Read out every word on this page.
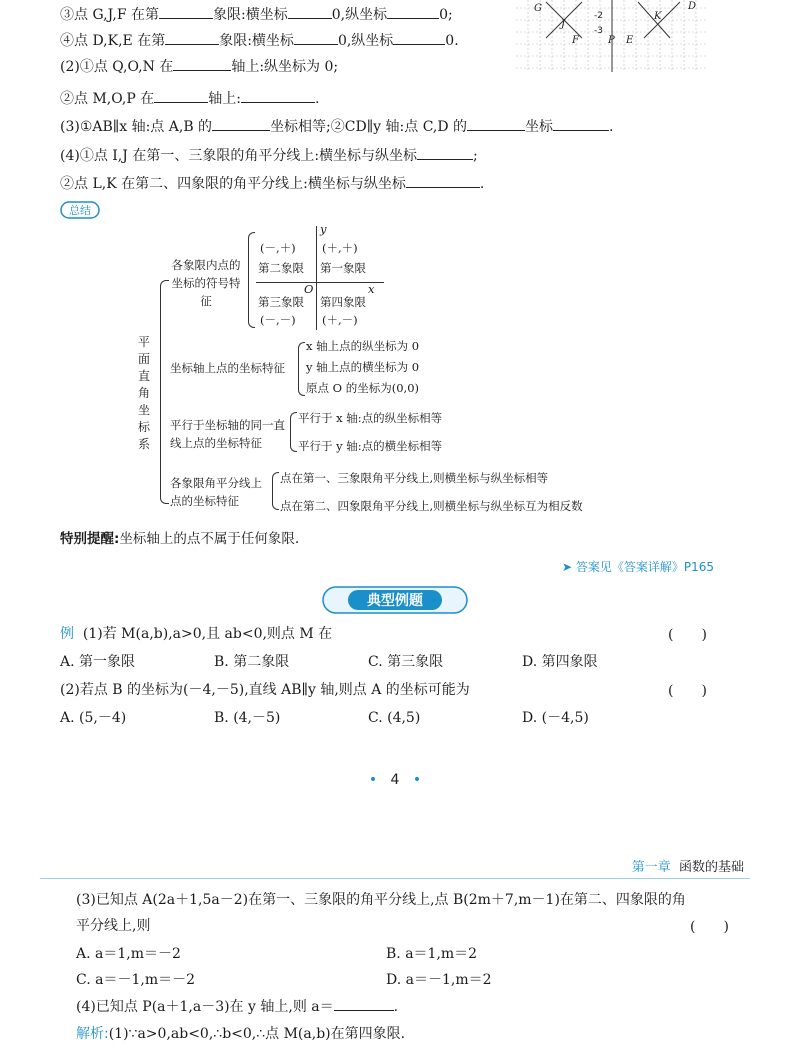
③点 G,J,F 在第	象限:横坐标	0,纵坐标	0;
④点 D,K,E 在第	象限:横坐标	0,纵坐标	0.
(2)①点 Q,O,N 在	轴上:纵坐标为 0;
②点 M,O,P 在	轴上:	.
(3)①AB∥x 轴:点 A,B 的	坐标相等;②CD∥y 轴:点 C,D 的	坐标	.
(4)①点 I,J 在第一、三象限的角平分线上:横坐标与纵坐标	;
②点 L,K 在第二、四象限的角平分线上:横坐标与纵坐标	.
G
J
F
D
K
P E
-2
-3
总结
平面直角坐标系
各象限内点的坐标的符号特征
y
x
O
(－,＋)
第二象限
(＋,＋)
第一象限
第三象限
(－,－)
第四象限
(＋,－)
坐标轴上点的坐标特征
x 轴上点的纵坐标为 0
y 轴上点的横坐标为 0
原点 O 的坐标为(0,0)
平行于坐标轴的同一直线上点的坐标特征
平行于 x 轴:点的纵坐标相等
平行于 y 轴:点的横坐标相等
各象限角平分线上点的坐标特征
点在第一、三象限角平分线上,则横坐标与纵坐标相等
点在第二、四象限角平分线上,则横坐标与纵坐标互为相反数
特别提醒:坐标轴上的点不属于任何象限.
➤ 答案见《答案详解》P165
典型例题
例 (1)若 M(a,b),a>0,且 ab<0,则点 M 在	(　　)
A. 第一象限	B. 第二象限	C. 第三象限	D. 第四象限
(2)若点 B 的坐标为(－4,－5),直线 AB∥y 轴,则点 A 的坐标可能为	(　　)
A. (5,－4)	B. (4,－5)	C. (4,5)	D. (－4,5)
• 4 •
第一章 函数的基础
(3)已知点 A(2a＋1,5a－2)在第一、三象限的角平分线上,点 B(2m＋7,m－1)在第二、四象限的角
平分线上,则	(　　)
A. a＝1,m＝－2	B. a＝1,m＝2
C. a＝－1,m＝－2	D. a＝－1,m＝2
(4)已知点 P(a＋1,a－3)在 y 轴上,则 a＝	.
解析:(1)∵a>0,ab<0,∴b<0,∴点 M(a,b)在第四象限.
